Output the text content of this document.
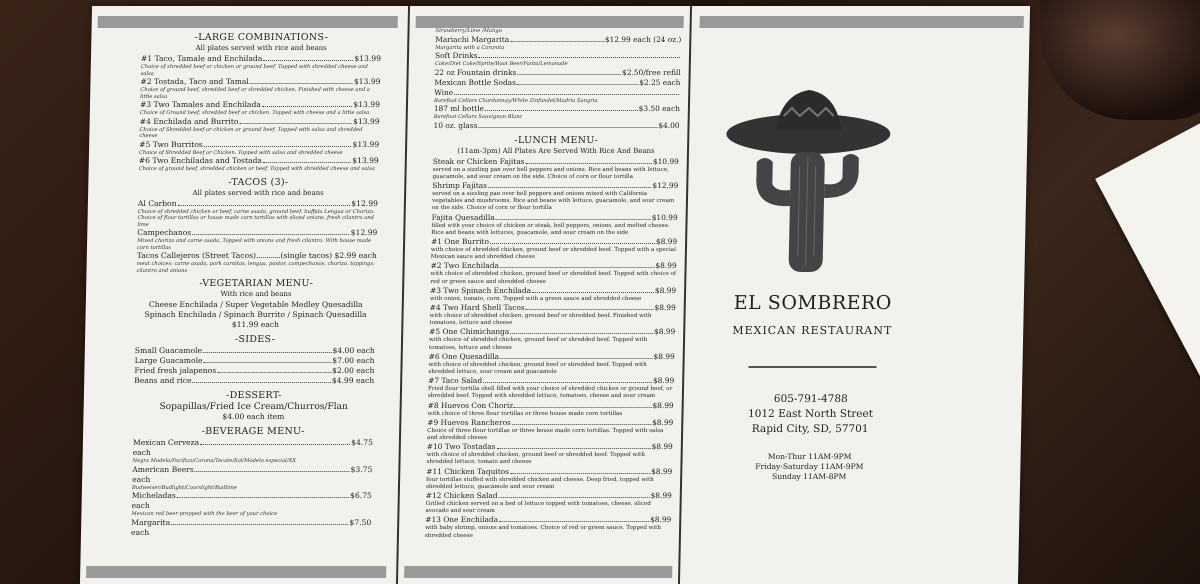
-LARGE COMBINATIONS-
All plates served with rice and beans
#1 Taco, Tamale and Enchilada	$13.99
Choice of shredded beef or chicken or ground beef. Topped with shredded cheese and salsa
#2 Tostada, Taco and Tamal	$13.99
Choice of ground beef, shredded beef or shredded chicken. Finished with cheese and a little salsa
#3 Two Tamales and Enchilada	$13.99
Choice of Ground beef, shredded beef or chicken. Topped with cheese and a little salsa
#4 Enchilada and Burrito	$13.99
Choice of Shredded beef or chicken or ground beef. Topped with salsa and shredded cheese
#5 Two Burritos	$13.99
Choice of Shredded Beef or Chicken. Topped with salsa and shredded cheese
#6 Two Enchiladas and Tostada	$13.99
Choice of ground beef, shredded chicken or beef. Topped with shredded cheese and salsa
-TACOS (3)-
All plates served with rice and beans
Al Carbon	$12.99
Choice of shredded chicken or beef, carne asada, ground beef, buffalo Lengua or Chorizo. Choice of flour tortillas or house made corn tortillas with sliced onions, fresh cilantro and lime
Campechanos	$12.99
Mixed chorizo and carne asada. Topped with onions and fresh cilantro. With house made corn tortillas
Tacos Callejeros (Street Tacos)	(single tacos) $2.99 each
meat choices: carne asada, pork carnitas, lengua, pastor, campechanos, chorizo. toppings: cilantro and onions
-VEGETARIAN MENU-
With rice and beans
Cheese Enchilada / Super Vegetable Medley Quesadilla
Spinach Enchilada / Spinach Burrito / Spinach Quesadilla
$11.99 each
-SIDES-
Small Guacamole	$4.00 each
Large Guacamole	$7.00 each
Fried fresh jalapenos	$2.00 each
Beans and rice	$4.99 each
-DESSERT-
Sopapillas/Fried Ice Cream/Churros/Flan
$4.00 each item
-BEVERAGE MENU-
Mexican Cerveza	$4.75
each
Negra Modelo/Pacifico/Corona/Tecate/Sol/Modelo especial/XX
American Beers	$3.75
each
Budweiser/Budlight/Coorslight/Budlime
Micheladas	$6.75
each
Mexican red beer prepped with the beer of your choice
Margarita	$7.50
each
Strawberry/Lime /Mango
Mariachi Margarita	$12.99 each (24 oz.)
Margarita with a Coronita
Soft Drinks
Coke/Diet Coke/Sprite/Root Beer/Fanta/Lemonade
22 oz Fountain drinks	$2.50/free refill
Mexican Bottle Sodas	$2.25 each
Wine
Barefoot Cellars Chardonnay/White Zinfandel/Madria Sangria
187 ml bottle	$3.50 each
Barefoot Cellars Sauvignon Blanc
10 oz. glass	$4.00
-LUNCH MENU-
(11am-3pm) All Plates Are Served With Rice And Beans
Steak or Chicken Fajitas	$10.99
served on a sizzling pan over bell peppers and onions. Rice and beans with lettuce, guacamole, and sour cream on the side. Choice of corn or flour tortilla
Shrimp Fajitas	$12.99
served on a sizzling pan over bell peppers and onions mixed with California vegetables and mushrooms. Rice and beans with lettuce, guacamole, and sour cream on the side. Choice of corn or flour tortilla
Fajita Quesadilla	$10.99
filled with your choice of chicken or steak, bell peppers, onions, and melted cheese. Rice and beans with lettuces, guacamole, and sour cream on the side
#1 One Burrito	$8.99
with choice of shredded chicken, ground beef or shredded beef. Topped with a special Mexican sauce and shredded cheese
#2 Two Enchilada	$8.99
with choice of shredded chicken, ground beef or shredded beef. Topped with choice of red or green sauce and shredded cheese
#3 Two Spinach Enchilada	$8.99
with onion, tomato, corn. Topped with a green sauce and shredded cheese
#4 Two Hard Shell Tacos	$8.99
with choice of shredded chicken, ground beef or shredded beef. Finished with tomatoes, lettuce and cheese
#5 One Chimichanga	$8.99
with choice of shredded chicken, ground beef or shredded beef. Topped with tomatoes, lettuce and cheese
#6 One Quesadilla	$8.99
with choice of shredded chicken, ground beef or shredded beef. Topped with shredded lettuce, sour cream and guacamole
#7 Taco Salad	$8.99
Fried flour tortilla shell filled with your choice of shredded chicken or ground beef, or shredded beef. Topped with shredded lettuce, tomatoes, cheese and sour cream
#8 Huevos Con Choriz	$8.99
with choice of three flour tortillas or three house made corn tortillas
#9 Huevos Rancheros	$8.99
Choice of three flour tortillas or three house made corn tortillas. Topped with salsa and shredded cheese
#10 Two Tostadas	$8.99
with choice of shredded chicken, ground beef or shredded beef. Topped with shredded lettuce, tomato and cheese
#11 Chicken Taquitos	$8.99
four tortillas stuffed with shredded chicken and cheese. Deep fried, topped with shredded lettuce, guacamole and sour cream
#12 Chicken Salad	$8.99
Grilled chicken served on a bed of lettuce topped with tomatoes, cheese, sliced avocado and sour cream
#13 One Enchilada	$8.99
with baby shrimp, onions and tomatoes. Choice of red or green sauce. Topped with shredded cheese
EL SOMBRERO
MEXICAN RESTAURANT
605-791-4788
1012 East North Street
Rapid City, SD, 57701
Mon-Thur 11AM-9PM
Friday-Saturday 11AM-9PM
Sunday 11AM-8PM
